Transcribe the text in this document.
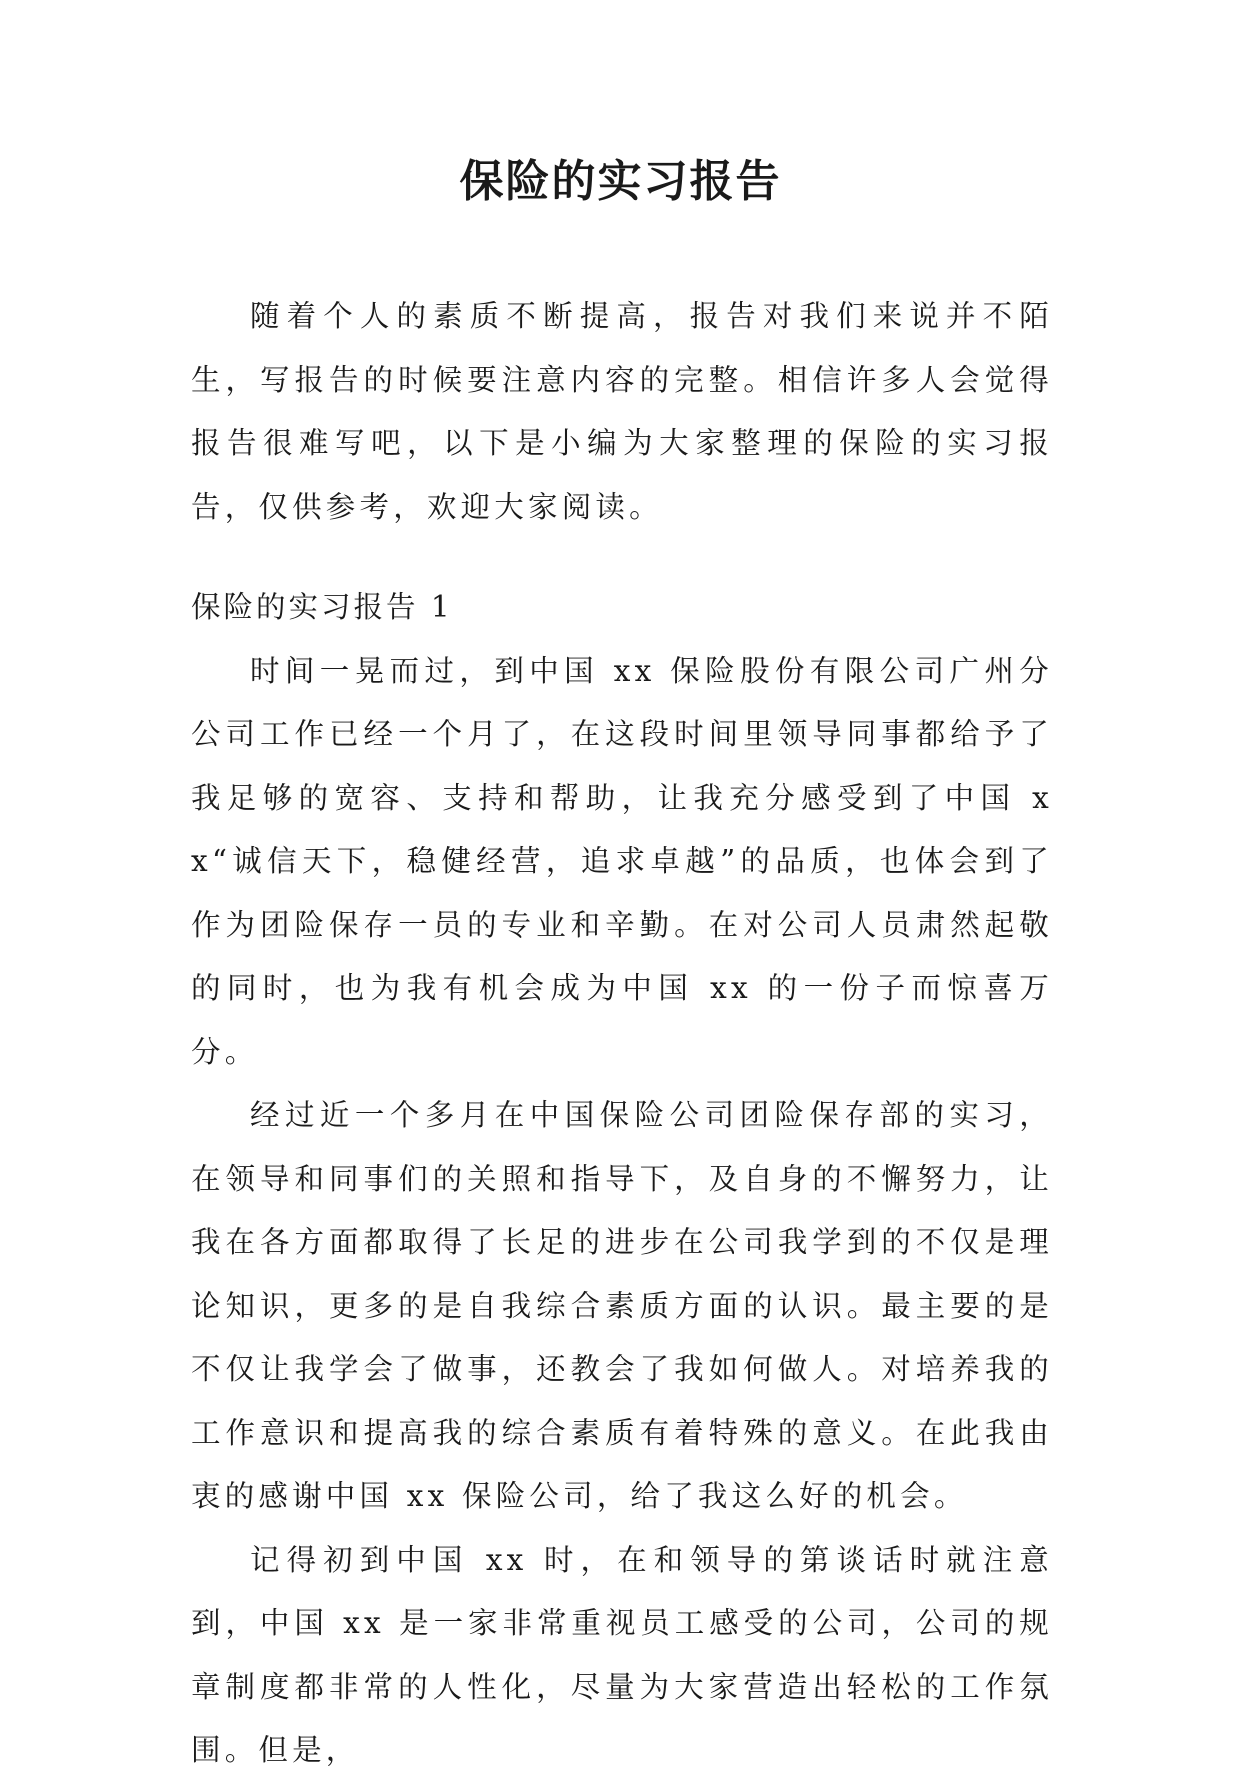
保险的实习报告

随着个人的素质不断提高，报告对我们来说并不陌生，写报告的时候要注意内容的完整。相信许多人会觉得报告很难写吧，以下是小编为大家整理的保险的实习报告，仅供参考，欢迎大家阅读。

保险的实习报告 1

时间一晃而过，到中国 xx 保险股份有限公司广州分公司工作已经一个月了，在这段时间里领导同事都给予了我足够的宽容、支持和帮助，让我充分感受到了中国 xx“诚信天下，稳健经营，追求卓越”的品质，也体会到了作为团险保存一员的专业和辛勤。在对公司人员肃然起敬的同时，也为我有机会成为中国 xx 的一份子而惊喜万分。

经过近一个多月在中国保险公司团险保存部的实习，在领导和同事们的关照和指导下，及自身的不懈努力，让我在各方面都取得了长足的进步在公司我学到的不仅是理论知识，更多的是自我综合素质方面的认识。最主要的是不仅让我学会了做事，还教会了我如何做人。对培养我的工作意识和提高我的综合素质有着特殊的意义。在此我由衷的感谢中国 xx 保险公司，给了我这么好的机会。

记得初到中国 xx 时，在和领导的第谈话时就注意到，中国 xx 是一家非常重视员工感受的公司，公司的规章制度都非常的人性化，尽量为大家营造出轻松的工作氛围。但是，
